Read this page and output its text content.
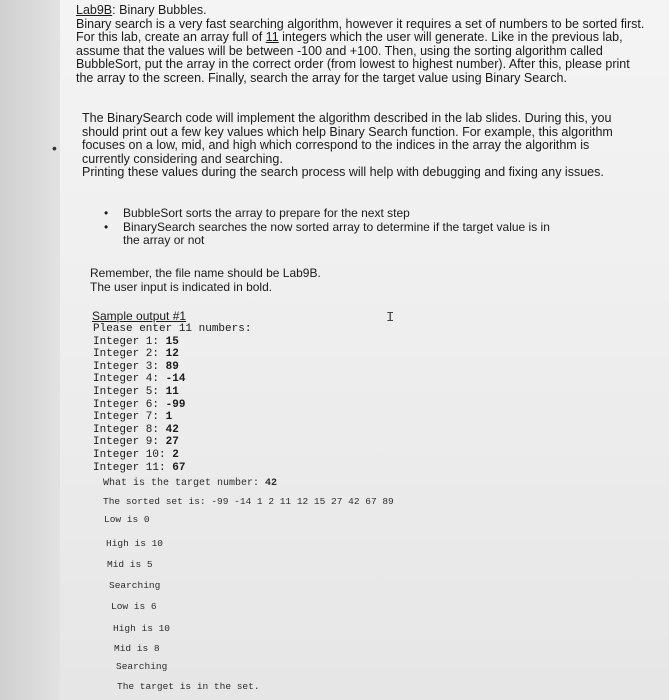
Lab9B: Binary Bubbles.
Binary search is a very fast searching algorithm, however it requires a set of numbers to be sorted first.
For this lab, create an array full of 11 integers which the user will generate. Like in the previous lab,
assume that the values will be between -100 and +100. Then, using the sorting algorithm called
BubbleSort, put the array in the correct order (from lowest to highest number). After this, please print
the array to the screen. Finally, search the array for the target value using Binary Search.
The BinarySearch code will implement the algorithm described in the lab slides. During this, you
should print out a few key values which help Binary Search function. For example, this algorithm
focuses on a low, mid, and high which correspond to the indices in the array the algorithm is
currently considering and searching.
Printing these values during the search process will help with debugging and fixing any issues.
• BubbleSort sorts the array to prepare for the next step
• BinarySearch searches the now sorted array to determine if the target value is in
the array or not
Remember, the file name should be Lab9B.
The user input is indicated in bold.
Sample output #1	I
Please enter 11 numbers:
Integer 1: 15
Integer 2: 12
Integer 3: 89
Integer 4: -14
Integer 5: 11
Integer 6: -99
Integer 7: 1
Integer 8: 42
Integer 9: 27
Integer 10: 2
Integer 11: 67
What is the target number: 42
The sorted set is: -99 -14 1 2 11 12 15 27 42 67 89
Low is 0
High is 10
Mid is 5
Searching
Low is 6
High is 10
Mid is 8
Searching
The target is in the set.
•
